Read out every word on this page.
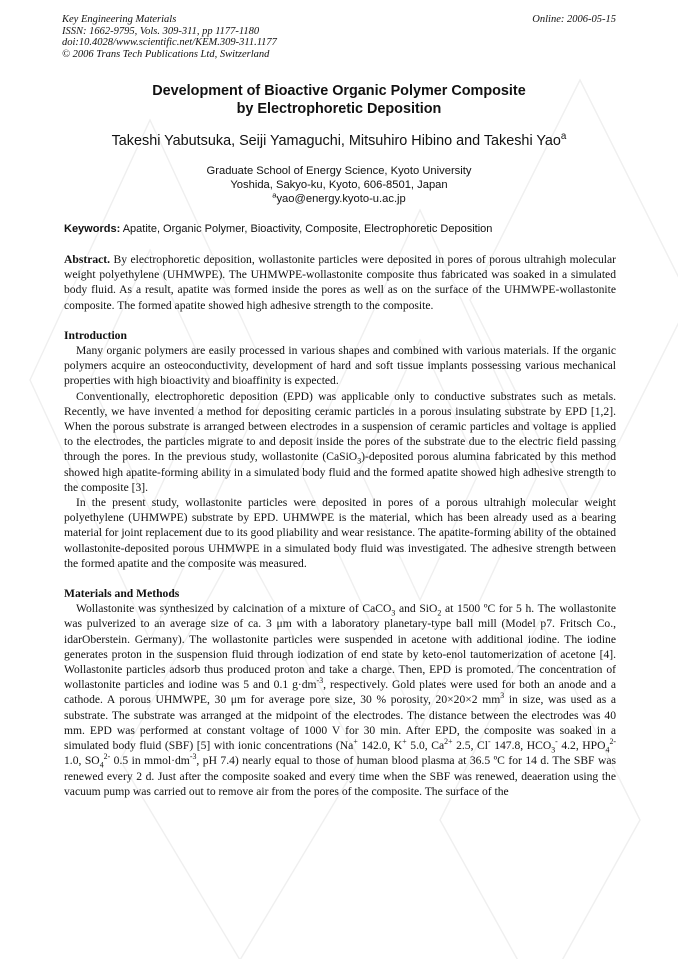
Key Engineering Materials
ISSN: 1662-9795, Vols. 309-311, pp 1177-1180
doi:10.4028/www.scientific.net/KEM.309-311.1177
© 2006 Trans Tech Publications Ltd, Switzerland
Online: 2006-05-15
Development of Bioactive Organic Polymer Composite
by Electrophoretic Deposition
Takeshi Yabutsuka, Seiji Yamaguchi, Mitsuhiro Hibino and Takeshi Yao$^a$
Graduate School of Energy Science, Kyoto University
Yoshida, Sakyo-ku, Kyoto, 606-8501, Japan
$^a$yao@energy.kyoto-u.ac.jp
Keywords: Apatite, Organic Polymer, Bioactivity, Composite, Electrophoretic Deposition

Abstract. By electrophoretic deposition, wollastonite particles were deposited in pores of porous ultrahigh molecular weight polyethylene (UHMWPE). The UHMWPE-wollastonite composite thus fabricated was soaked in a simulated body fluid. As a result, apatite was formed inside the pores as well as on the surface of the UHMWPE-wollastonite composite. The formed apatite showed high adhesive strength to the composite.

Introduction

Many organic polymers are easily processed in various shapes and combined with various materials. If the organic polymers acquire an osteoconductivity, development of hard and soft tissue implants possessing various mechanical properties with high bioactivity and bioaffinity is expected.

Conventionally, electrophoretic deposition (EPD) was applicable only to conductive substrates such as metals. Recently, we have invented a method for depositing ceramic particles in a porous insulating substrate by EPD [1,2]. When the porous substrate is arranged between electrodes in a suspension of ceramic particles and voltage is applied to the electrodes, the particles migrate to and deposit inside the pores of the substrate due to the electric field passing through the pores. In the previous study, wollastonite (CaSiO$_3$)-deposited porous alumina fabricated by this method showed high apatite-forming ability in a simulated body fluid and the formed apatite showed high adhesive strength to the composite [3].

In the present study, wollastonite particles were deposited in pores of a porous ultrahigh molecular weight polyethylene (UHMWPE) substrate by EPD. UHMWPE is the material, which has been already used as a bearing material for joint replacement due to its good pliability and wear resistance. The apatite-forming ability of the obtained wollastonite-deposited porous UHMWPE in a simulated body fluid was investigated. The adhesive strength between the formed apatite and the composite was measured.

Materials and Methods

Wollastonite was synthesized by calcination of a mixture of CaCO$_3$ and SiO$_2$ at 1500 ºC for 5 h. The wollastonite was pulverized to an average size of ca. 3 μm with a laboratory planetary-type ball mill (Model p7. Fritsch Co., idarOberstein. Germany). The wollastonite particles were suspended in acetone with additional iodine. The iodine generates proton in the suspension fluid through iodization of end state by keto-enol tautomerization of acetone [4]. Wollastonite particles adsorb thus produced proton and take a charge. Then, EPD is promoted. The concentration of wollastonite particles and iodine was 5 and 0.1 $g\cdot dm^{-3}$, respectively. Gold plates were used for both an anode and a cathode. A porous UHMWPE, 30 μm for average pore size, 30 % porosity, 20×20×2 $mm^3$ in size, was used as a substrate. The substrate was arranged at the midpoint of the electrodes. The distance between the electrodes was 40 mm. EPD was performed at constant voltage of 1000 V for 30 min. After EPD, the composite was soaked in a simulated body fluid (SBF) [5] with ionic concentrations (Na+ 142.0, K+ 5.0, $Ca^{2+}$ 2.5, Cl- 147.8, $HCO_3^-$ 4.2, $HPO_4^{2-}$ 1.0, $SO_4^{2-}$ 0.5 in $mmol\cdot dm^{-3}$, pH 7.4) nearly equal to those of human blood plasma at 36.5 ºC for 14 d. The SBF was renewed every 2 d. Just after the composite soaked and every time when the SBF was renewed, deaeration using the vacuum pump was carried out to remove air from the pores of the composite. The surface of the
